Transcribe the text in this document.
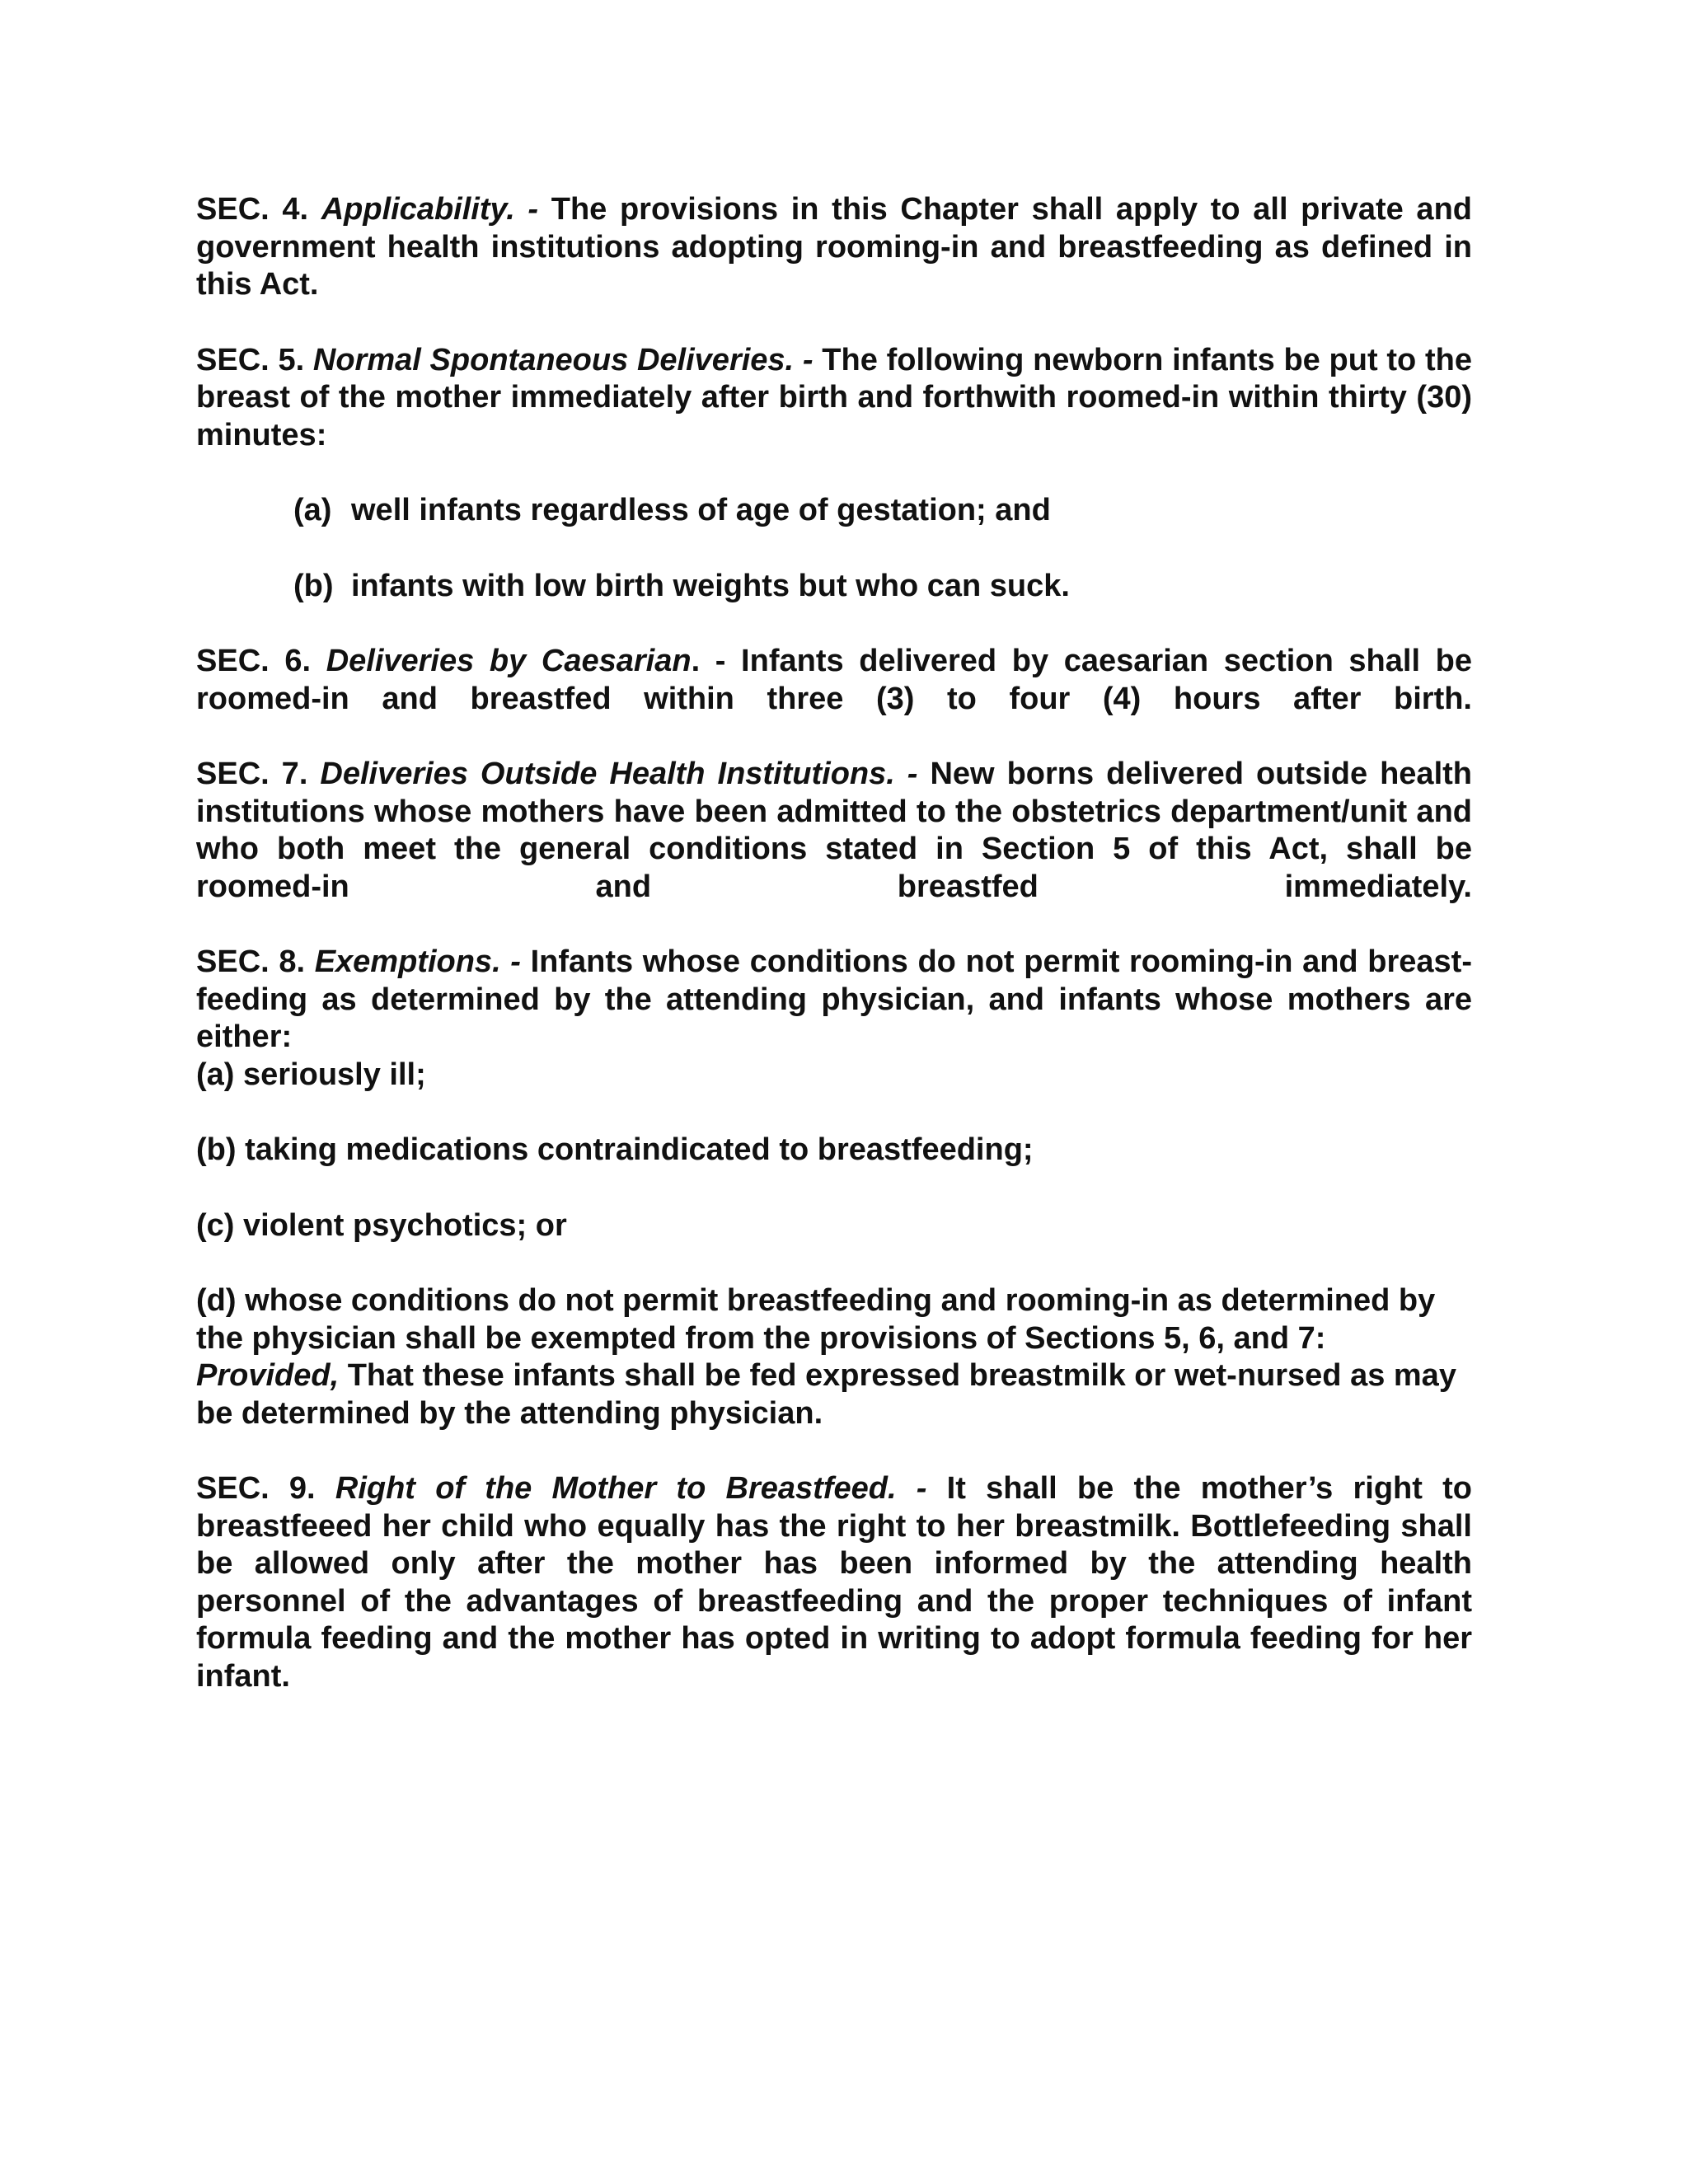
SEC. 4. Applicability. - The provisions in this Chapter shall apply to all private and government health institutions adopting rooming-in and breastfeeding as defined in this Act.

SEC. 5. Normal Spontaneous Deliveries. - The following newborn infants be put to the breast of the mother immediately after birth and forthwith roomed-in within thirty (30) minutes:

(a) well infants regardless of age of gestation; and
(b) infants with low birth weights but who can suck.

SEC. 6. Deliveries by Caesarian. - Infants delivered by caesarian section shall be roomed-in and breastfed within three (3) to four (4) hours after birth.

SEC. 7. Deliveries Outside Health Institutions. - New borns delivered outside health institutions whose mothers have been admitted to the obstetrics department/unit and who both meet the general conditions stated in Section 5 of this Act, shall be roomed-in and breastfed immediately.

SEC. 8. Exemptions. - Infants whose conditions do not permit rooming-in and breast-feeding as determined by the attending physician, and infants whose mothers are either:

(a) seriously ill;
(b) taking medications contraindicated to breastfeeding;
(c) violent psychotics; or
(d) whose conditions do not permit breastfeeding and rooming-in as determined by the physician shall be exempted from the provisions of Sections 5, 6, and 7: Provided, That these infants shall be fed expressed breastmilk or wet-nursed as may be determined by the attending physician.

SEC. 9. Right of the Mother to Breastfeed. - It shall be the mother’s right to breastfeeed her child who equally has the right to her breastmilk. Bottlefeeding shall be allowed only after the mother has been informed by the attending health personnel of the advantages of breastfeeding and the proper techniques of infant formula feeding and the mother has opted in writing to adopt formula feeding for her infant.
